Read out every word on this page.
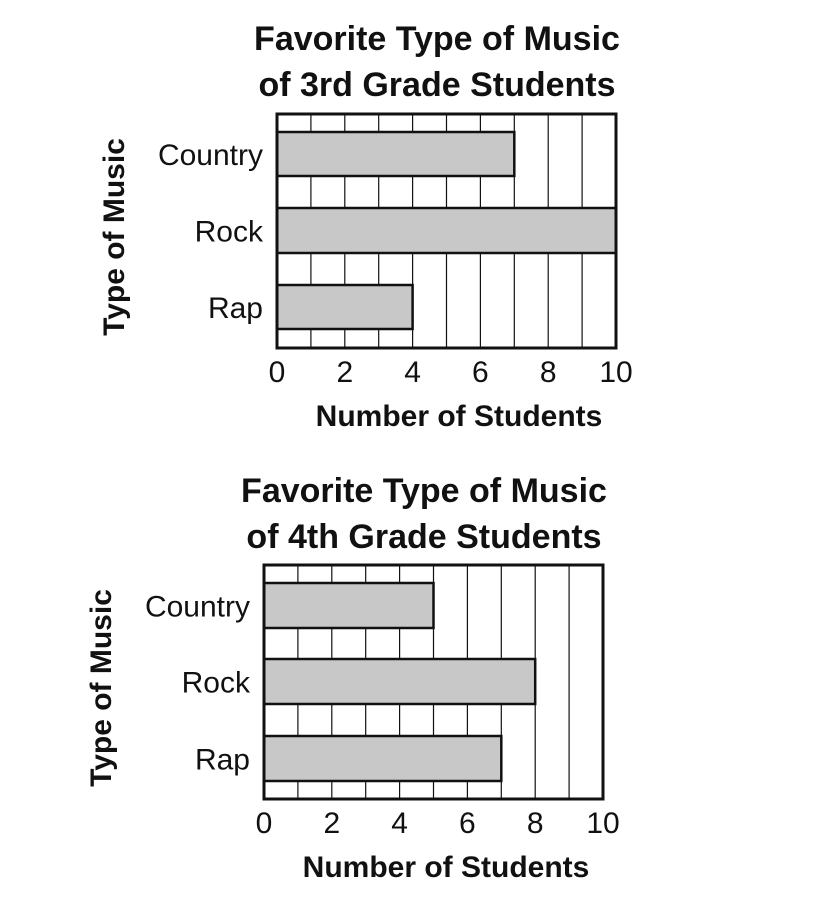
Favorite Type of Music
of 3rd Grade Students
Type of Music
Number of Students
Country
Rock
Rap
0 2 4 6 8 10
Favorite Type of Music
of 4th Grade Students
Type of Music
Number of Students
Country
Rock
Rap
0 2 4 6 8 10
